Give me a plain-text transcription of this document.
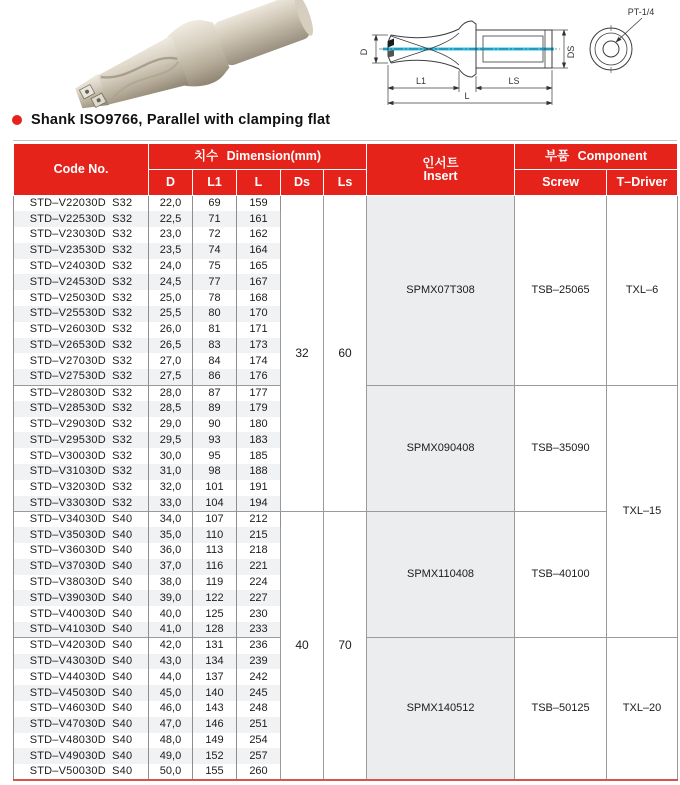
D	DS
L1	LS
L
PT-1/4
Shank ISO9766, Parallel with clamping flat
Code No.	치수 Dimension(mm)					인서트
Insert	부품 Component	
	D	L1	L	Ds	Ls		Screw	T–Driver
STD–V22030D S32	22,0	69	159	32	60	SPMX07T308	TSB–25065	TXL–6
STD–V22530D S32	22,5	71	161					
STD–V23030D S32	23,0	72	162					
STD–V23530D S32	23,5	74	164					
STD–V24030D S32	24,0	75	165					
STD–V24530D S32	24,5	77	167					
STD–V25030D S32	25,0	78	168					
STD–V25530D S32	25,5	80	170					
STD–V26030D S32	26,0	81	171					
STD–V26530D S32	26,5	83	173					
STD–V27030D S32	27,0	84	174					
STD–V27530D S32	27,5	86	176					
STD–V28030D S32	28,0	87	177			SPMX090408	TSB–35090	TXL–15
STD–V28530D S32	28,5	89	179					
STD–V29030D S32	29,0	90	180					
STD–V29530D S32	29,5	93	183					
STD–V30030D S32	30,0	95	185					
STD–V31030D S32	31,0	98	188					
STD–V32030D S32	32,0	101	191					
STD–V33030D S32	33,0	104	194					
STD–V34030D S40	34,0	107	212	40	70	SPMX110408	TSB–40100	
STD–V35030D S40	35,0	110	215					
STD–V36030D S40	36,0	113	218					
STD–V37030D S40	37,0	116	221					
STD–V38030D S40	38,0	119	224					
STD–V39030D S40	39,0	122	227					
STD–V40030D S40	40,0	125	230					
STD–V41030D S40	41,0	128	233					
STD–V42030D S40	42,0	131	236			SPMX140512	TSB–50125	TXL–20
STD–V43030D S40	43,0	134	239					
STD–V44030D S40	44,0	137	242					
STD–V45030D S40	45,0	140	245					
STD–V46030D S40	46,0	143	248					
STD–V47030D S40	47,0	146	251					
STD–V48030D S40	48,0	149	254					
STD–V49030D S40	49,0	152	257					
STD–V50030D S40	50,0	155	260					
